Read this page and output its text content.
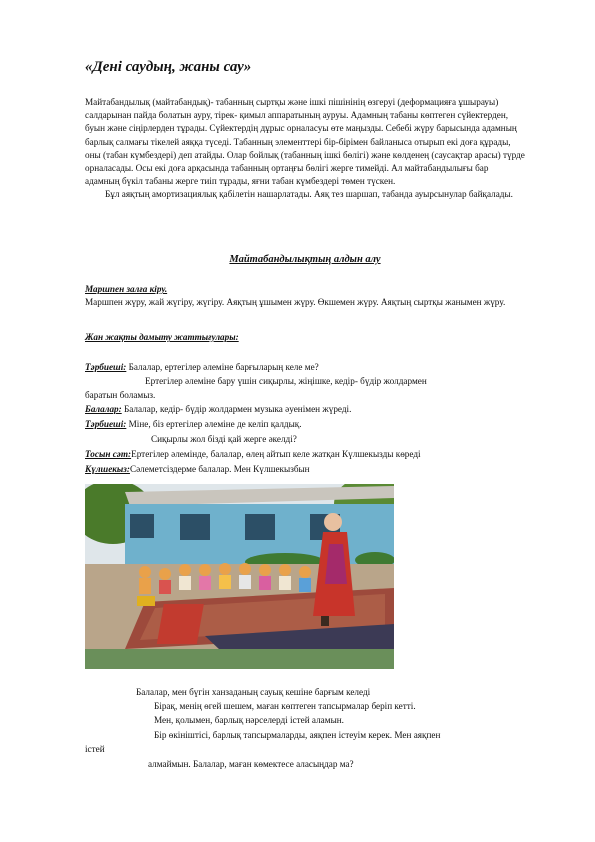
«Дені саудың, жаны сау»

Майтабандылық (майтабандық)- табанның сыртқы және ішкі пішінінің өзгеруі (деформацияға ұшырауы) салдарынан пайда болатын ауру, тірек- қимыл аппаратының ауруы. Адамның табаны көптеген сүйектерден, буын және сіңірлерден тұрады. Сүйектердің дұрыс орналасуы өте маңызды. Себебі жүру барысында адамның барлық салмағы тікелей аяққа түседі. Табанның элементтері бір-бірімен байланыса отырып екі доға құрады, оны (табан күмбездері) деп атайды. Олар бойлық (табанның ішкі бөлігі) және көлденең (саусақтар арасы) түрде орналасады. Осы екі доға арқасында табанның ортаңғы бөлігі жерге тимейді. Ал майтабандылығы бар адамның бүкіл табаны жерге тиіп тұрады, яғни табан күмбездері төмен түскен.

Бұл аяқтың амортизациялық қабілетін нашарлатады. Аяқ тез шаршап, табанда ауырсынулар байқалады.

Майтабандылықтың алдын алу
Маршпен залға кіру.
Маршпен жүру, жай жүгіру, жүгіру. Аяқтың ұшымен жүру. Өкшемен жүру. Аяқтың сыртқы жанымен жүру.
Жан жақты дамыту жаттығулары:
Тәрбиеші: Балалар, ертегілер әлеміне барғыларың келе ме?
Ертегілер әлеміне бару үшін сиқырлы, жіңішке, кедір- бүдір жолдармен
баратын боламыз.
Балалар: Балалар, кедір- бүдір жолдармен музыка әуенімен жүреді.
Тәрбиеші: Міне, біз ертегілер әлеміне де келіп қалдық.
Сиқырлы жол бізді қай жерге әкелді?
Тосын сәт:Ертегілер әлемінде, балалар, өлең айтып келе жатқан Күлшекызды көреді
Күлшекыз:Сәлеметсіздерме балалар. Мен Күлшекызбын
Балалар, мен бүгін ханзаданың сауық кешіне барғым келеді
Бірақ, менің өгей шешем, маған көптеген тапсырмалар беріп кетті.
Мен, қолымен, барлық нәрселерді істей аламын.
Бір өкініштісі, барлық тапсырмаларды, аяқпен істеуім керек. Мен аяқпен
істей
алмаймын. Балалар, маған көмектесе аласыңдар ма?
